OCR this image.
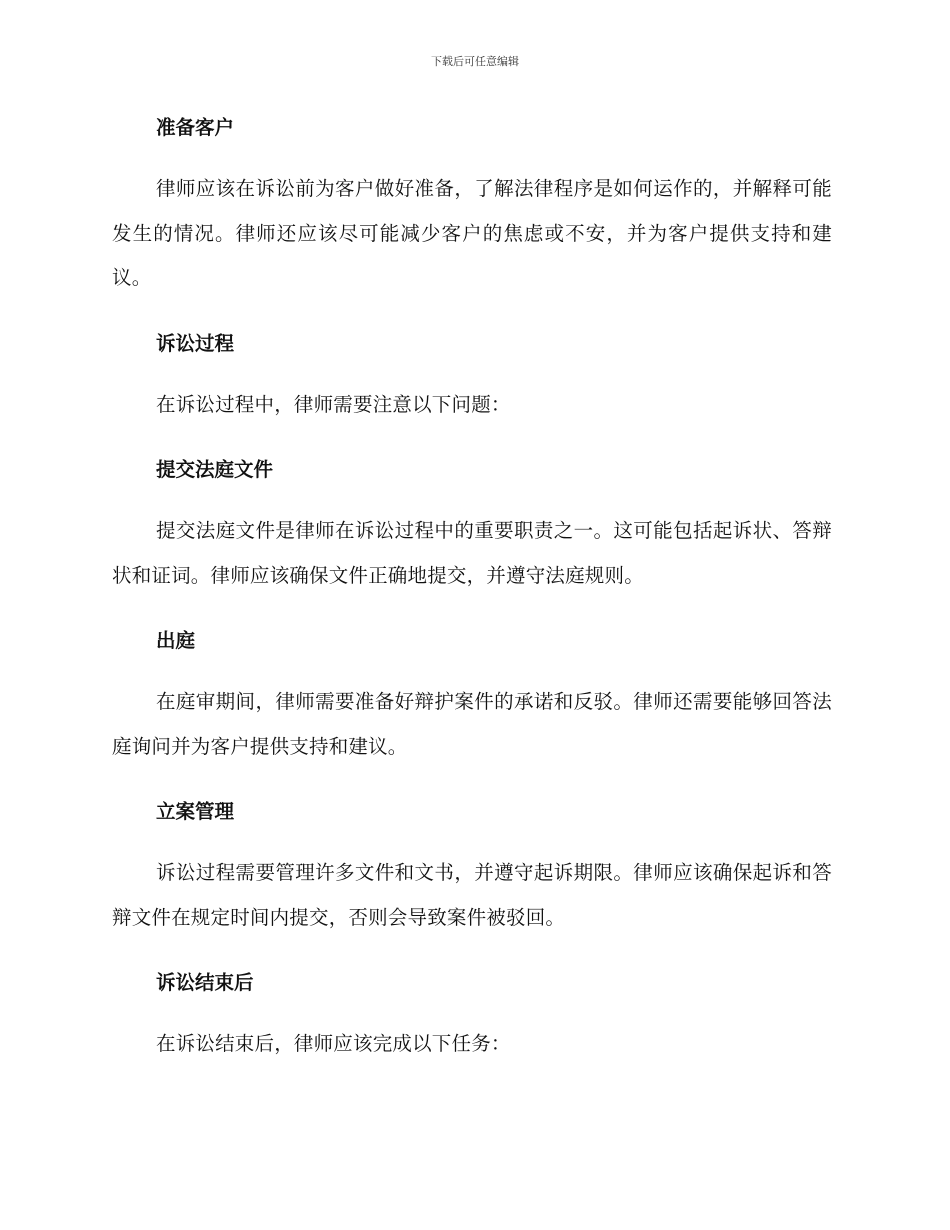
下载后可任意编辑
准备客户

律师应该在诉讼前为客户做好准备，了解法律程序是如何运作的，并解释可能发生的情况。律师还应该尽可能减少客户的焦虑或不安，并为客户提供支持和建议。

诉讼过程

在诉讼过程中，律师需要注意以下问题：

提交法庭文件

提交法庭文件是律师在诉讼过程中的重要职责之一。这可能包括起诉状、答辩状和证词。律师应该确保文件正确地提交，并遵守法庭规则。

出庭

在庭审期间，律师需要准备好辩护案件的承诺和反驳。律师还需要能够回答法庭询问并为客户提供支持和建议。

立案管理

诉讼过程需要管理许多文件和文书，并遵守起诉期限。律师应该确保起诉和答辩文件在规定时间内提交，否则会导致案件被驳回。

诉讼结束后

在诉讼结束后，律师应该完成以下任务：
